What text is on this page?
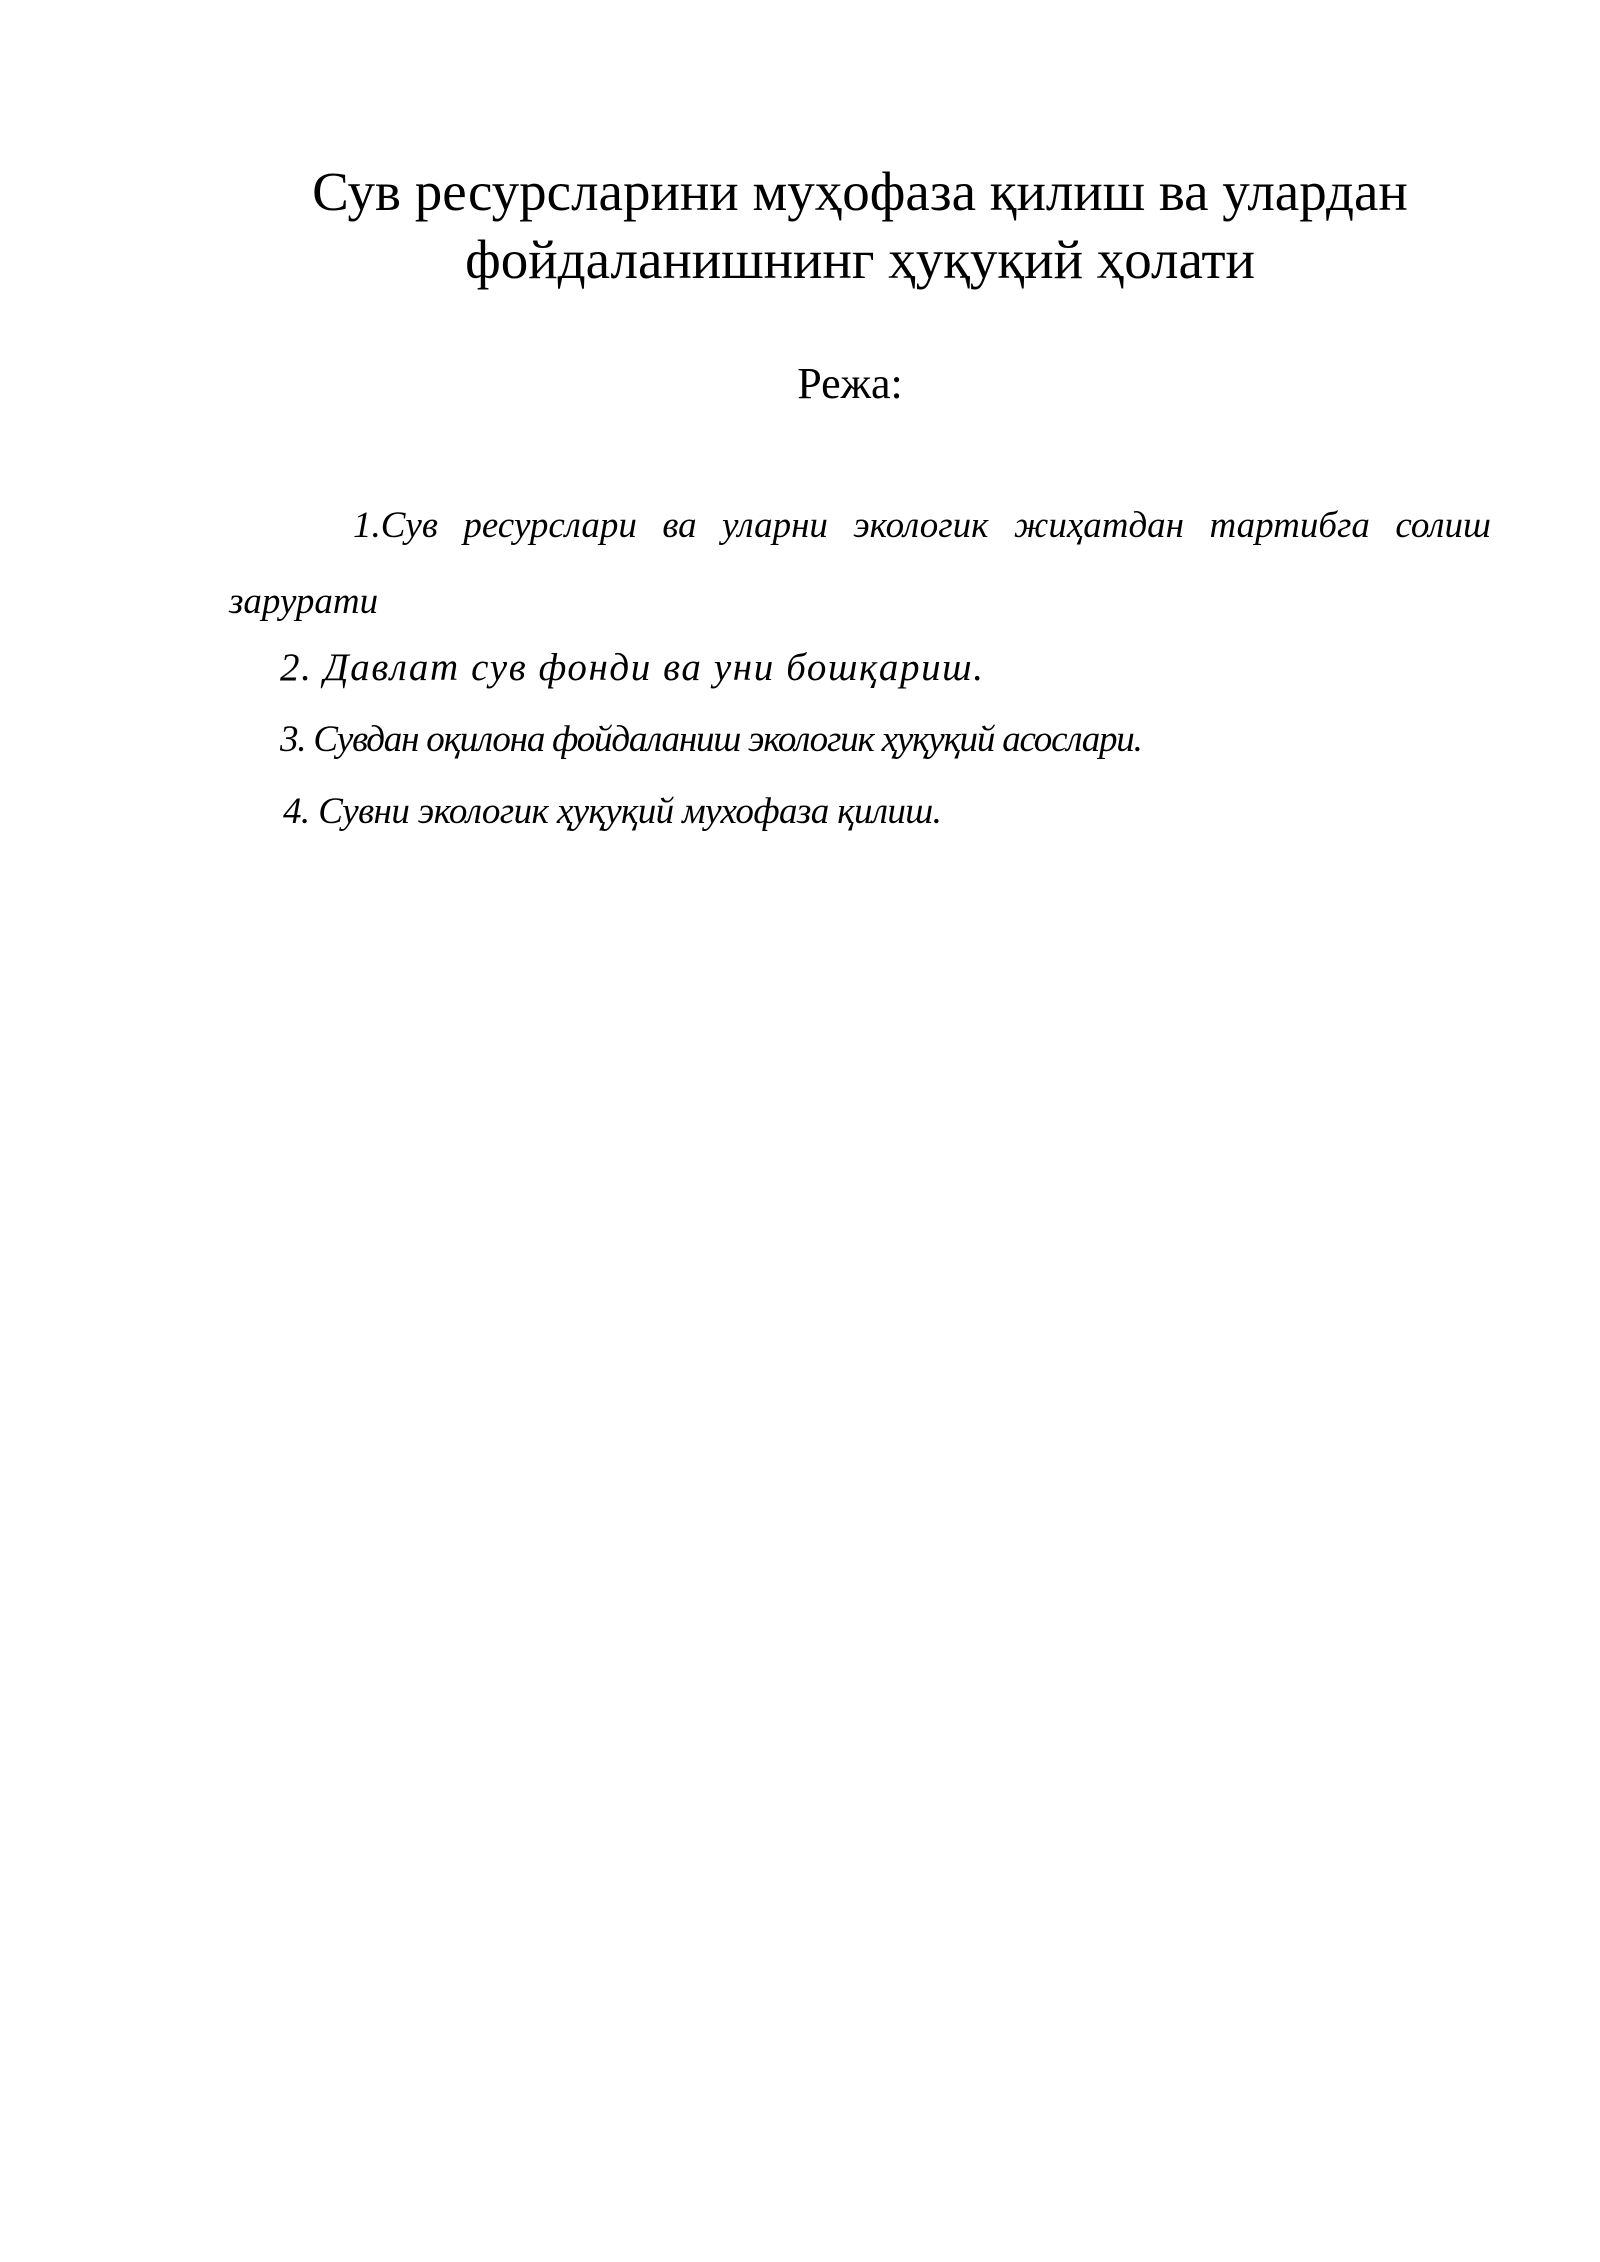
Сув ресурсларини муҳофаза қилиш ва улардан
фойдаланишнинг ҳуқуқий ҳолати
Режа:
1.Сув ресурслари ва уларни экологик жиҳатдан тартибга солиш зарурати
2. Давлат сув фонди ва уни бошқариш.
3. Сувдан оқилона фойдаланиш экологик ҳуқуқий асослари.
4. Сувни экологик ҳуқуқий мухофаза қилиш.
